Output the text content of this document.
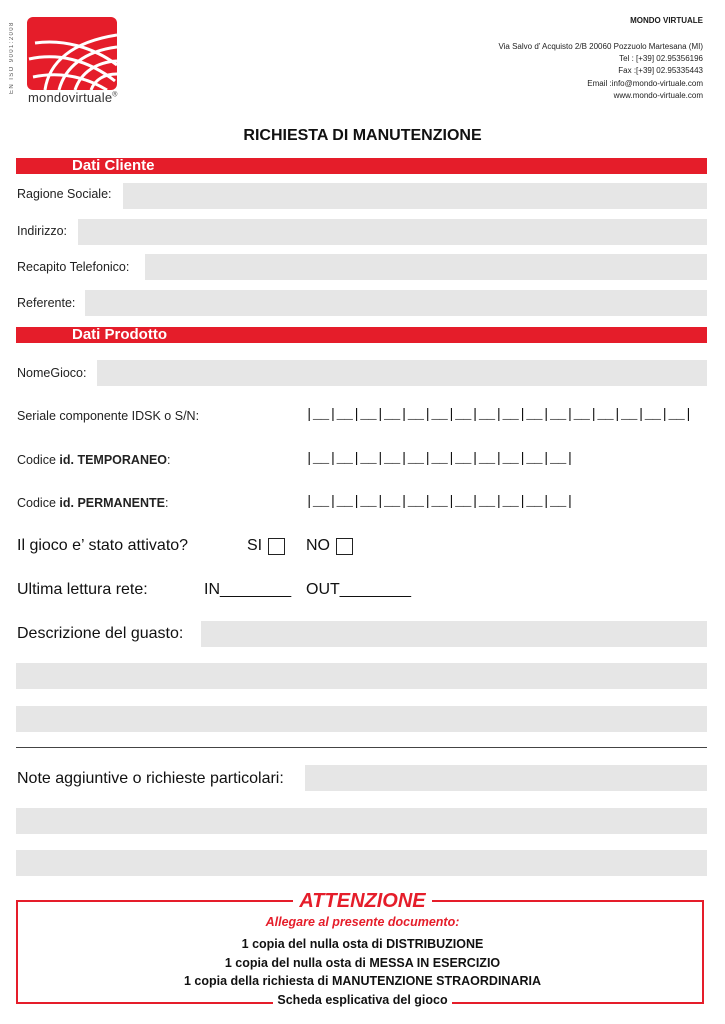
EN ISO 9001:2008
mondovirtuale®
MONDO VIRTUALE
Via Salvo d’ Acquisto 2/B 20060 Pozzuolo Martesana (MI)
Tel : [+39] 02.95356196
Fax :[+39] 02.95335443
Email :info@mondo-virtuale.com
www.mondo-virtuale.com
RICHIESTA DI MANUTENZIONE
Dati Cliente
Ragione Sociale:
Indirizzo:
Recapito Telefonico:
Referente:
Dati Prodotto
NomeGioco:
Seriale componente IDSK o S/N:	|__|__|__|__|__|__|__|__|__|__|__|__|__|__|__|__|
Codice id. TEMPORANEO:	|__|__|__|__|__|__|__|__|__|__|__|
Codice id. PERMANENTE:	|__|__|__|__|__|__|__|__|__|__|__|
Il gioco e’ stato attivato?	SI	NO
Ultima lettura rete:	IN________ OUT________
Descrizione del guasto:
Note aggiuntive o richieste particolari:
ATTENZIONE
Allegare al presente documento:
1 copia del nulla osta di DISTRIBUZIONE
1 copia del nulla osta di MESSA IN ESERCIZIO
1 copia della richiesta di MANUTENZIONE STRAORDINARIA
Scheda esplicativa del gioco
